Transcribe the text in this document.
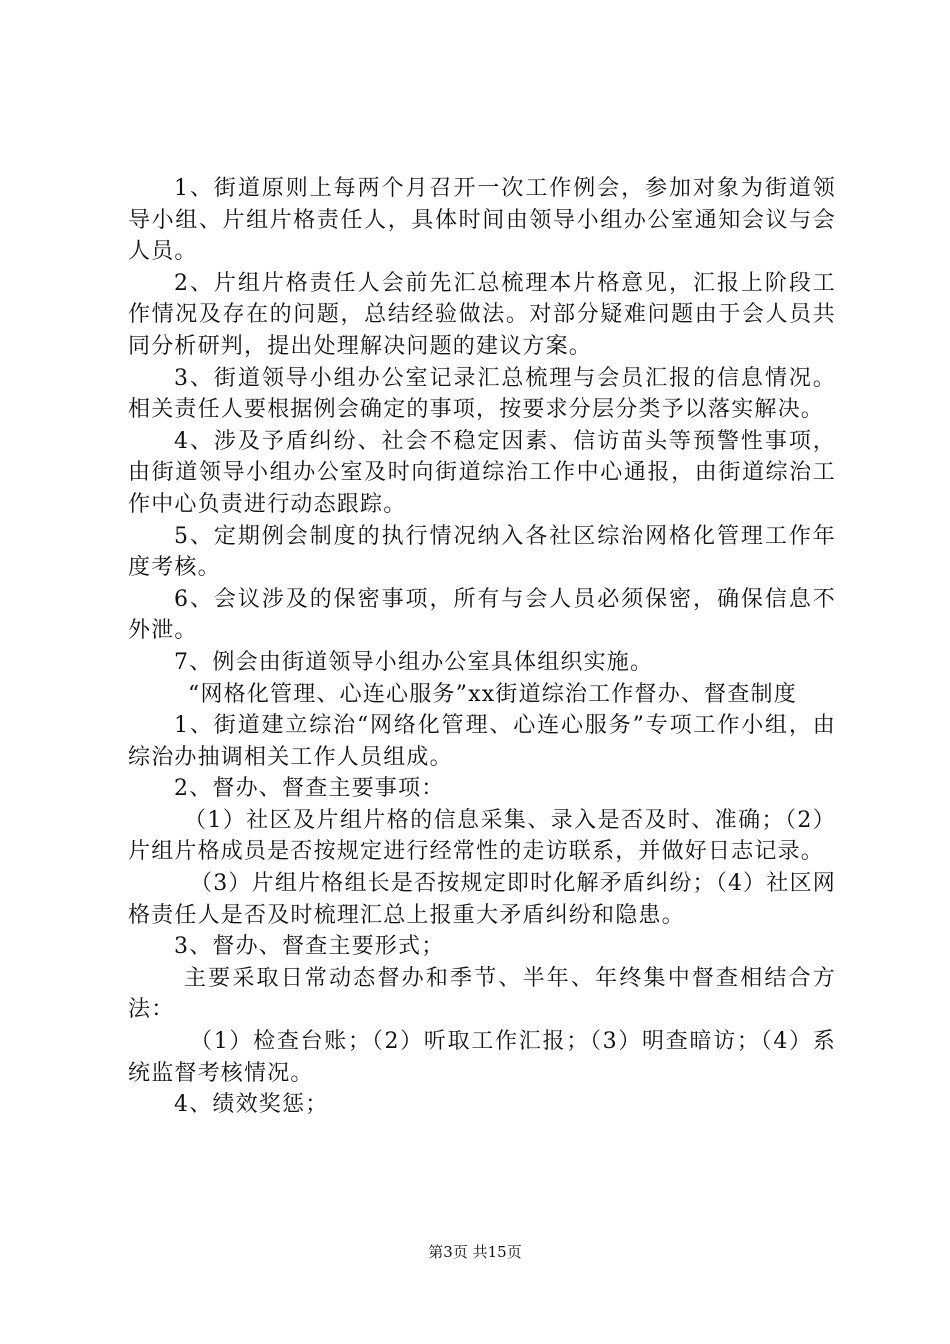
1、街道原则上每两个月召开一次工作例会，参加对象为街道领导小组、片组片格责任人，具体时间由领导小组办公室通知会议与会人员。

2、片组片格责任人会前先汇总梳理本片格意见，汇报上阶段工作情况及存在的问题，总结经验做法。对部分疑难问题由于会人员共同分析研判，提出处理解决问题的建议方案。

3、街道领导小组办公室记录汇总梳理与会员汇报的信息情况。相关责任人要根据例会确定的事项，按要求分层分类予以落实解决。

4、涉及予盾纠纷、社会不稳定因素、信访苗头等预警性事项，由街道领导小组办公室及时向街道综治工作中心通报，由街道综治工作中心负责进行动态跟踪。

5、定期例会制度的执行情况纳入各社区综治网格化管理工作年度考核。

6、会议涉及的保密事项，所有与会人员必须保密，确保信息不外泄。

7、例会由街道领导小组办公室具体组织实施。

“网格化管理、心连心服务”xx街道综治工作督办、督查制度

1、街道建立综治“网络化管理、心连心服务”专项工作小组，由综治办抽调相关工作人员组成。

2、督办、督查主要事项：

（1）社区及片组片格的信息采集、录入是否及时、准确；（2）片组片格成员是否按规定进行经常性的走访联系，并做好日志记录。

（3）片组片格组长是否按规定即时化解矛盾纠纷；（4）社区网格责任人是否及时梳理汇总上报重大矛盾纠纷和隐患。

3、督办、督查主要形式；

主要采取日常动态督办和季节、半年、年终集中督查相结合方法：

（1）检查台账；（2）听取工作汇报；（3）明查暗访；（4）系统监督考核情况。

4、绩效奖惩；

第3页 共15页
